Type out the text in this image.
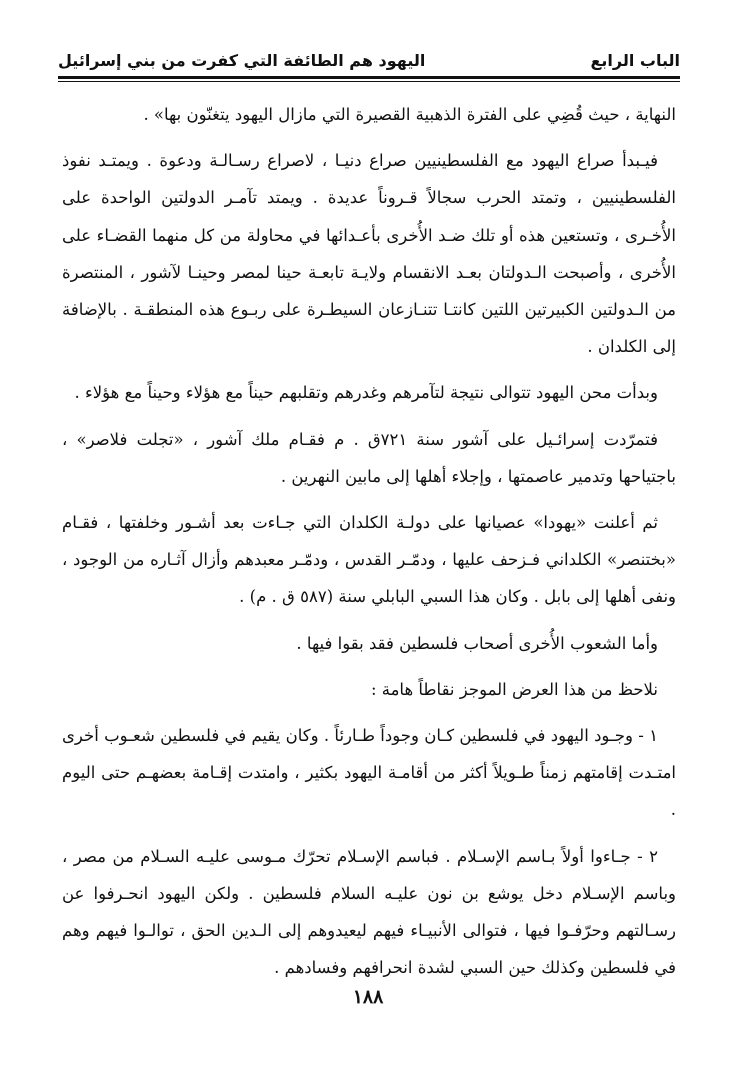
الباب الرابع
اليهود هم الطائفة التي كفرت من بني إسرائيل

النهاية ، حيث قُضِي على الفترة الذهبية القصيرة التي مازال اليهود يتغنّون بها» .

فيـبدأ صراع اليهود مع الفلسطينيين صراع دنيـا ، لاصراع رسـالـة ودعوة . ويمتـد نفوذ الفلسطينيين ، وتمتد الحرب سجالاً قـروناً عديدة . ويمتد تآمـر الدولتين الواحدة على الأُخـرى ، وتستعين هذه أو تلك ضـد الأُخرى بأعـدائها في محاولة من كل منهما القضـاء على الأُخرى ، وأصبحت الـدولتان بعـد الانقسام ولايـة تابعـة حينا لمصر وحينـا لآشور ، المنتصرة من الـدولتين الكبيرتين اللتين كانتـا تتنـازعان السيطـرة على ربـوع هذه المنطقـة . بالإضافة إلى الكلدان .

وبدأت محن اليهود تتوالى نتيجة لتآمرهم وغدرهم وتقلبهم حيناً مع هؤلاء وحيناً مع هؤلاء .

فتمرّدت إسرائـيل على آشور سنة ٧٢١ق . م فقـام ملك آشور ، «تجلت فلاصر» ، باجتياحها وتدمير عاصمتها ، وإجلاء أهلها إلى مابين النهرين .

ثم أعلنت «يهودا» عصيانها على دولـة الكلدان التي جـاءت بعد أشـور وخلفتها ، فقـام «بختنصر» الكلداني فـزحف عليها ، ودمّـر القدس ، ودمّـر معبدهم وأزال آثـاره من الوجود ، ونفى أهلها إلى بابل . وكان هذا السبي البابلي سنة (٥٨٧ ق . م) .

وأما الشعوب الأُخرى أصحاب فلسطين فقد بقوا فيها .

نلاحظ من هذا العرض الموجز نقاطاً هامة :

١ - وجـود اليهود في فلسطين كـان وجوداً طـارئاً . وكان يقيم في فلسطين شعـوب أخرى امتـدت إقامتهم زمناً طـويلاً أكثر من أقامـة اليهود بكثير ، وامتدت إقـامة بعضهـم حتى اليوم .

٢ - جـاءوا أولاً بـاسم الإسـلام . فباسم الإسـلام تحرّك مـوسى عليـه السـلام من مصر ، وباسم الإسـلام دخل يوشع بن نون عليـه السلام فلسطين . ولكن اليهود انحـرفوا عن رسـالتهم وحرّفـوا فيها ، فتوالى الأنبيـاء فيهم ليعيدوهم إلى الـدين الحق ، توالـوا فيهم وهم في فلسطين وكذلك حين السبي لشدة انحرافهم وفسادهم .

١٨٨
